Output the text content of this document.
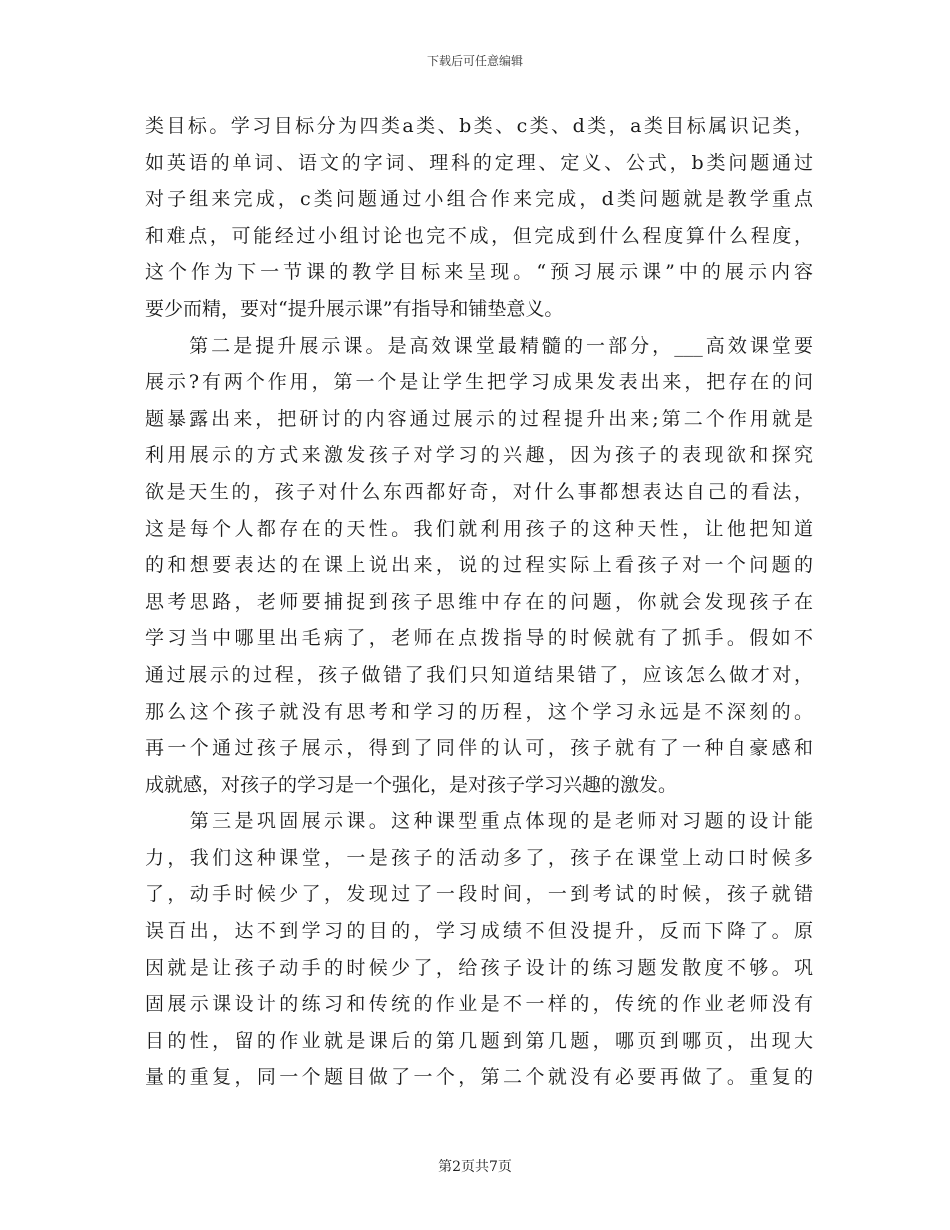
下载后可任意编辑
类目标。学习目标分为四类a类、b类、c类、d类，a类目标属识记类，
如英语的单词、语文的字词、理科的定理、定义、公式，b类问题通过
对子组来完成，c类问题通过小组合作来完成，d类问题就是教学重点
和难点，可能经过小组讨论也完不成，但完成到什么程度算什么程度，
这个作为下一节课的教学目标来呈现。“预习展示课”中的展示内容
要少而精，要对“提升展示课”有指导和铺垫意义。
　　第二是提升展示课。是高效课堂最精髓的一部分，___高效课堂要
展示?有两个作用，第一个是让学生把学习成果发表出来，把存在的问
题暴露出来，把研讨的内容通过展示的过程提升出来;第二个作用就是
利用展示的方式来激发孩子对学习的兴趣，因为孩子的表现欲和探究
欲是天生的，孩子对什么东西都好奇，对什么事都想表达自己的看法，
这是每个人都存在的天性。我们就利用孩子的这种天性，让他把知道
的和想要表达的在课上说出来，说的过程实际上看孩子对一个问题的
思考思路，老师要捕捉到孩子思维中存在的问题，你就会发现孩子在
学习当中哪里出毛病了，老师在点拨指导的时候就有了抓手。假如不
通过展示的过程，孩子做错了我们只知道结果错了，应该怎么做才对，
那么这个孩子就没有思考和学习的历程，这个学习永远是不深刻的。
再一个通过孩子展示，得到了同伴的认可，孩子就有了一种自豪感和
成就感，对孩子的学习是一个强化，是对孩子学习兴趣的激发。
　　第三是巩固展示课。这种课型重点体现的是老师对习题的设计能
力，我们这种课堂，一是孩子的活动多了，孩子在课堂上动口时候多
了，动手时候少了，发现过了一段时间，一到考试的时候，孩子就错
误百出，达不到学习的目的，学习成绩不但没提升，反而下降了。原
因就是让孩子动手的时候少了，给孩子设计的练习题发散度不够。巩
固展示课设计的练习和传统的作业是不一样的，传统的作业老师没有
目的性，留的作业就是课后的第几题到第几题，哪页到哪页，出现大
量的重复，同一个题目做了一个，第二个就没有必要再做了。重复的
第2页共7页
